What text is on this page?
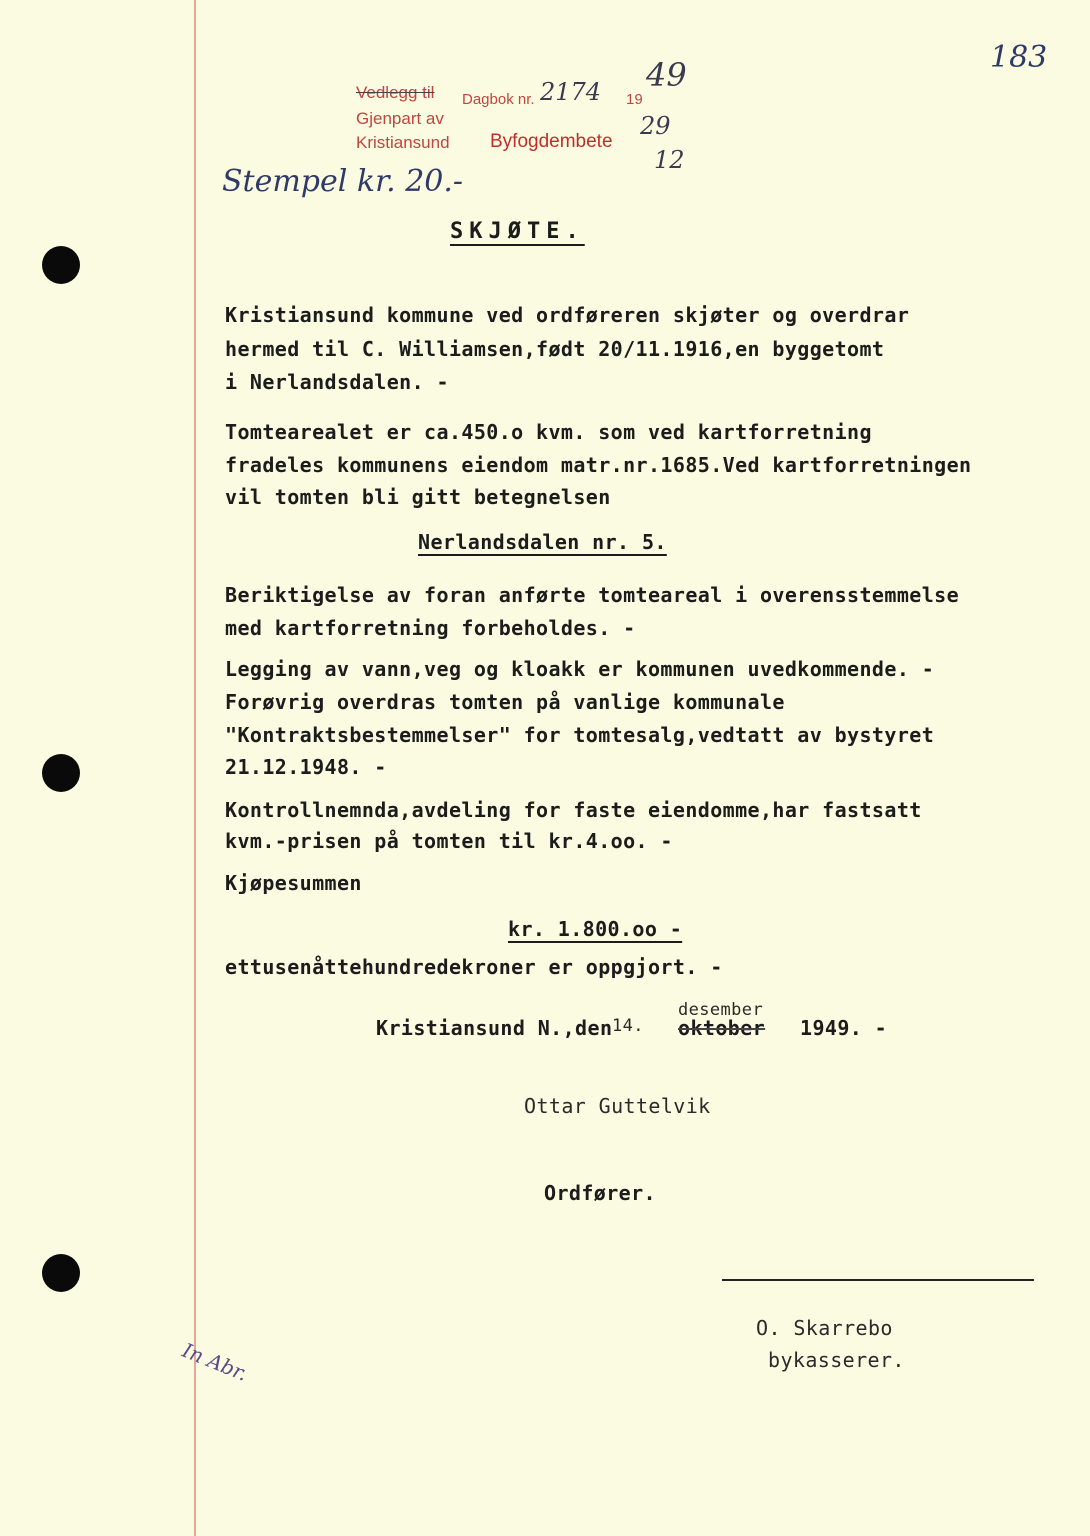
Vedlegg til Dagbok nr. 2174 19
49
Gjenpart av
Kristiansund Byfogdembete
29
12
183
Stempel kr. 20.-
SKJØTE.
Kristiansund kommune ved ordføreren skjøter og overdrar
hermed til C. Williamsen,født 20/11.1916,en byggetomt
i Nerlandsdalen. -
Tomtearealet er ca.450.o kvm. som ved kartforretning
fradeles kommunens eiendom matr.nr.1685.Ved kartforretningen
vil tomten bli gitt betegnelsen
Nerlandsdalen nr. 5.
Beriktigelse av foran anførte tomteareal i overensstemmelse
med kartforretning forbeholdes. -
Legging av vann,veg og kloakk er kommunen uvedkommende. -
Forøvrig overdras tomten på vanlige kommunale
"Kontraktsbestemmelser" for tomtesalg,vedtatt av bystyret
21.12.1948. -
Kontrollnemnda,avdeling for faste eiendomme,har fastsatt
kvm.-prisen på tomten til kr.4.oo. -
Kjøpesummen
kr. 1.800.oo -
ettusenåttehundredekroner er oppgjort. -
Kristiansund N.,den 14.
desember
oktober 1949. -
Ottar Guttelvik
Ordfører.
O. Skarrebo
bykasserer.
In Abr.
